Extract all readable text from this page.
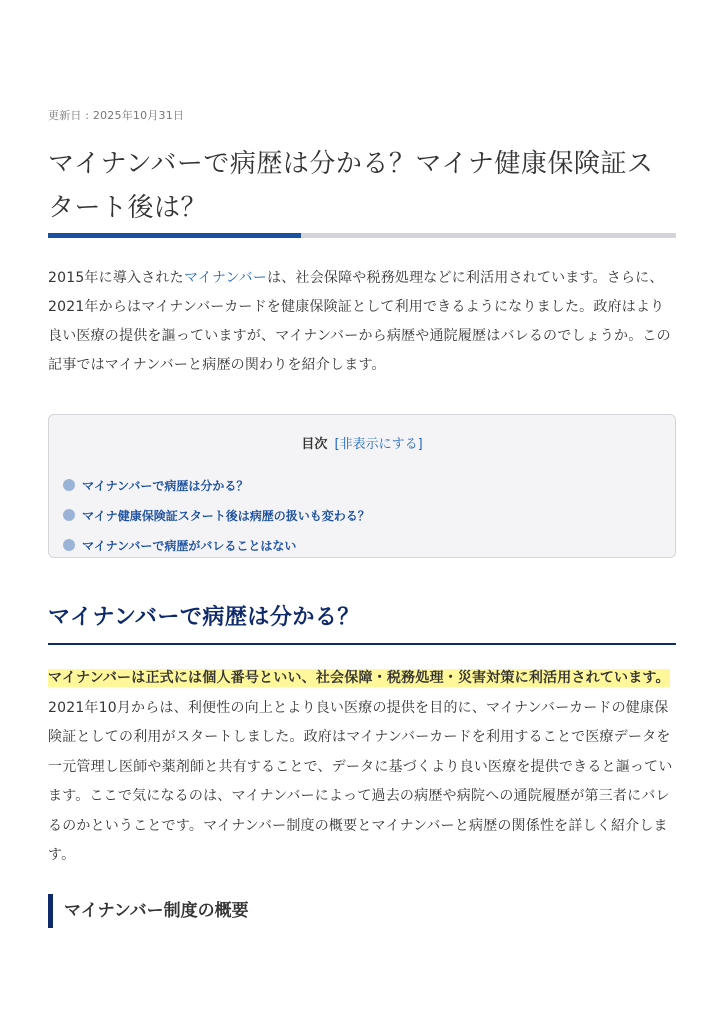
更新日 : 2025年10月31日
マイナンバーで病歴は分かる？マイナ健康保険証スタート後は？

2015年に導入されたマイナンバーは、社会保障や税務処理などに利活用されています。さらに、2021年からはマイナンバーカードを健康保険証として利用できるようになりました。政府はより良い医療の提供を謳っていますが、マイナンバーから病歴や通院履歴はバレるのでしょうか。この記事ではマイナンバーと病歴の関わりを紹介します。

目次 [非表示にする]
マイナンバーで病歴は分かる？
マイナ健康保険証スタート後は病歴の扱いも変わる？
マイナンバーで病歴がバレることはない
マイナンバーで病歴は分かる？

マイナンバーは正式には個人番号といい、社会保障・税務処理・災害対策に利活用されています。2021年10月からは、利便性の向上とより良い医療の提供を目的に、マイナンバーカードの健康保険証としての利用がスタートしました。政府はマイナンバーカードを利用することで医療データを一元管理し医師や薬剤師と共有することで、データに基づくより良い医療を提供できると謳っています。ここで気になるのは、マイナンバーによって過去の病歴や病院への通院履歴が第三者にバレるのかということです。マイナンバー制度の概要とマイナンバーと病歴の関係性を詳しく紹介します。

マイナンバー制度の概要
